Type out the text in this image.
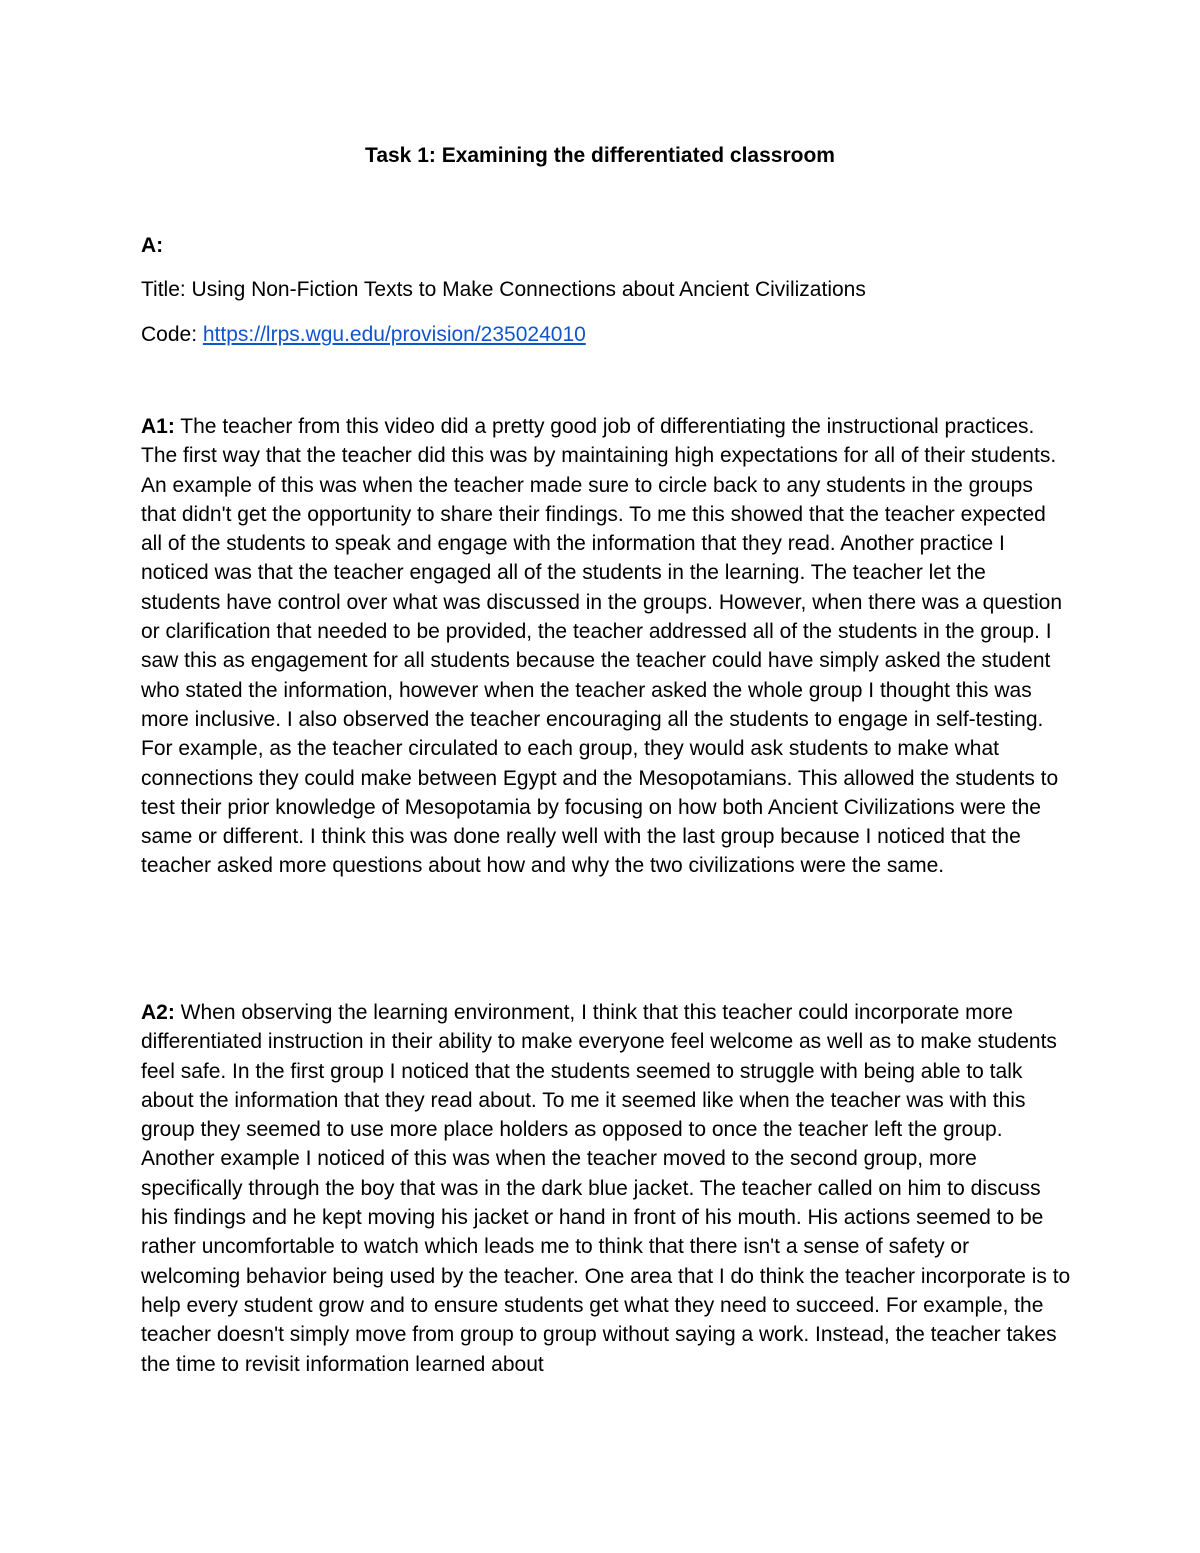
Task 1: Examining the differentiated classroom

A:

Title: Using Non-Fiction Texts to Make Connections about Ancient Civilizations

Code: https://lrps.wgu.edu/provision/235024010

A1: The teacher from this video did a pretty good job of differentiating the instructional practices. The first way that the teacher did this was by maintaining high expectations for all of their students. An example of this was when the teacher made sure to circle back to any students in the groups that didn't get the opportunity to share their findings. To me this showed that the teacher expected all of the students to speak and engage with the information that they read. Another practice I noticed was that the teacher engaged all of the students in the learning. The teacher let the students have control over what was discussed in the groups. However, when there was a question or clarification that needed to be provided, the teacher addressed all of the students in the group. I saw this as engagement for all students because the teacher could have simply asked the student who stated the information, however when the teacher asked the whole group I thought this was more inclusive. I also observed the teacher encouraging all the students to engage in self-testing. For example, as the teacher circulated to each group, they would ask students to make what connections they could make between Egypt and the Mesopotamians. This allowed the students to test their prior knowledge of Mesopotamia by focusing on how both Ancient Civilizations were the same or different. I think this was done really well with the last group because I noticed that the teacher asked more questions about how and why the two civilizations were the same.

A2: When observing the learning environment, I think that this teacher could incorporate more differentiated instruction in their ability to make everyone feel welcome as well as to make students feel safe. In the first group I noticed that the students seemed to struggle with being able to talk about the information that they read about. To me it seemed like when the teacher was with this group they seemed to use more place holders as opposed to once the teacher left the group. Another example I noticed of this was when the teacher moved to the second group, more specifically through the boy that was in the dark blue jacket. The teacher called on him to discuss his findings and he kept moving his jacket or hand in front of his mouth. His actions seemed to be rather uncomfortable to watch which leads me to think that there isn't a sense of safety or welcoming behavior being used by the teacher. One area that I do think the teacher incorporate is to help every student grow and to ensure students get what they need to succeed. For example, the teacher doesn't simply move from group to group without saying a work. Instead, the teacher takes the time to revisit information learned about
